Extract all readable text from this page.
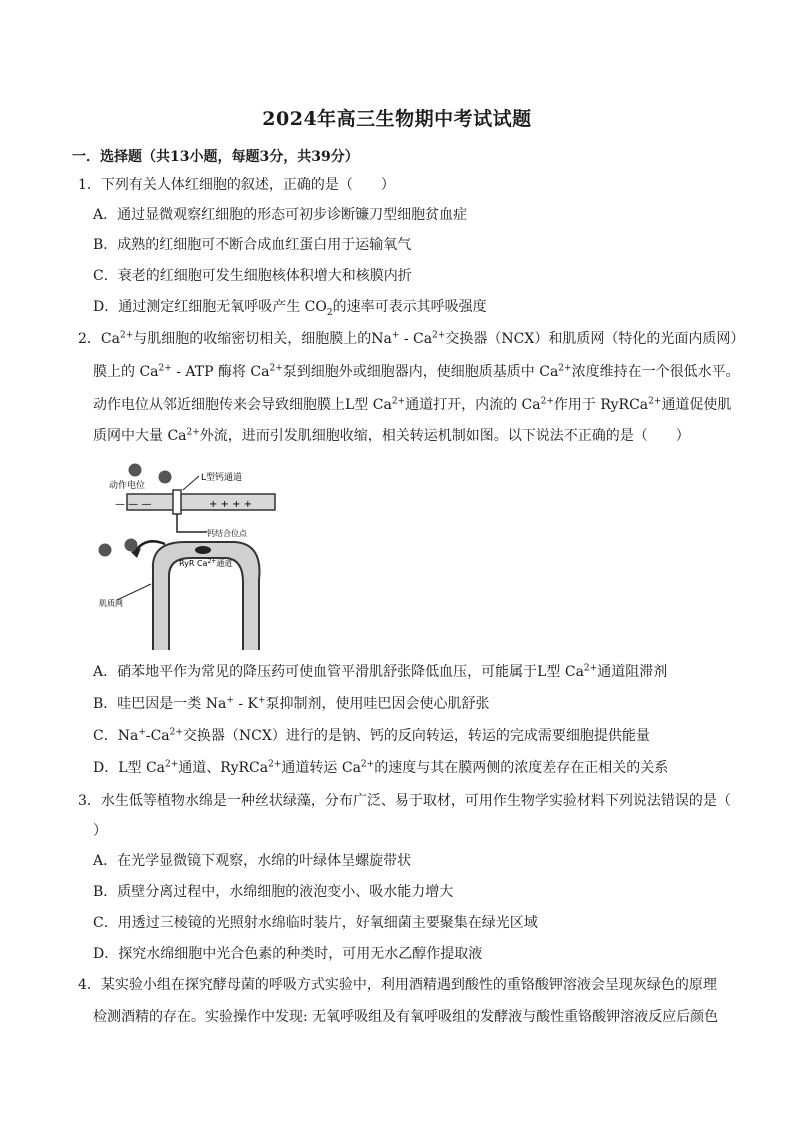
2024年高三生物期中考试试题
一．选择题（共13小题，每题3分，共39分）
1．下列有关人体红细胞的叙述，正确的是（　　）
A．通过显微观察红细胞的形态可初步诊断镰刀型细胞贫血症
B．成熟的红细胞可不断合成血红蛋白用于运输氧气
C．衰老的红细胞可发生细胞核体积增大和核膜内折
D．通过测定红细胞无氧呼吸产生 $CO_2$的速率可表示其呼吸强度
2．$Ca^{2+}$与肌细胞的收缩密切相关，细胞膜上的$Na^+ - Ca^{2+}$交换器（NCX）和肌质网（特化的光面内质网）
膜上的 $Ca^{2+}$ - ATP 酶将 $Ca^{2+}$泵到细胞外或细胞器内，使细胞质基质中 $Ca^{2+}$浓度维持在一个很低水平。
动作电位从邻近细胞传来会导致细胞膜上L型 $Ca^{2+}$通道打开，内流的 $Ca^{2+}$作用于 RyRCa$^{2+}$通道促使肌
质网中大量 $Ca^{2+}$外流，进而引发肌细胞收缩，相关转运机制如图。以下说法不正确的是（　　）
动作电位
L型钙通道
— — —	+ + + +
钙结合位点
RyR $Ca^{2+}$通道
肌质网
A．硝苯地平作为常见的降压药可使血管平滑肌舒张降低血压，可能属于L型 $Ca^{2+}$通道阻滞剂
B．哇巴因是一类 Na+ - K+泵抑制剂，使用哇巴因会使心肌舒张
C．$Na^+-Ca^{2+}$交换器（NCX）进行的是钠、钙的反向转运，转运的完成需要细胞提供能量
D．L型 $Ca^{2+}$通道、RyRCa$^{2+}$通道转运 $Ca^{2+}$的速度与其在膜两侧的浓度差存在正相关的关系
3．水生低等植物水绵是一种丝状绿藻，分布广泛、易于取材，可用作生物学实验材料下列说法错误的是（
）
A．在光学显微镜下观察，水绵的叶绿体呈螺旋带状
B．质壁分离过程中，水绵细胞的液泡变小、吸水能力增大
C．用透过三棱镜的光照射水绵临时装片，好氧细菌主要聚集在绿光区域
D．探究水绵细胞中光合色素的种类时，可用无水乙醇作提取液
4．某实验小组在探究酵母菌的呼吸方式实验中，利用酒精遇到酸性的重铬酸钾溶液会呈现灰绿色的原理
检测酒精的存在。实验操作中发现: 无氧呼吸组及有氧呼吸组的发酵液与酸性重铬酸钾溶液反应后颜色
